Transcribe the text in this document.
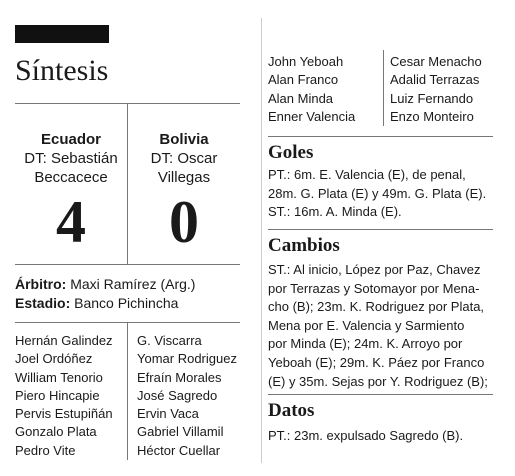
Síntesis
Ecuador
DT: Sebastián
Beccacece
Bolivia
DT: Oscar
Villegas
4	0
Árbitro: Maxi Ramírez (Arg.)
Estadio: Banco Pichincha
Hernán Galindez
Joel Ordóñez
William Tenorio
Piero Hincapie
Pervis Estupiñán
Gonzalo Plata
Pedro Vite
G. Viscarra
Yomar Rodriguez
Efraín Morales
José Sagredo
Ervin Vaca
Gabriel Villamil
Héctor Cuellar
John Yeboah
Alan Franco
Alan Minda
Enner Valencia
Cesar Menacho
Adalid Terrazas
Luiz Fernando
Enzo Monteiro
Goles
PT.: 6m. E. Valencia (E), de penal,
28m. G. Plata (E) y 49m. G. Plata (E).
ST.: 16m. A. Minda (E).
Cambios
ST.: Al inicio, López por Paz, Chavez
por Terrazas y Sotomayor por Mena-
cho (B); 23m. K. Rodriguez por Plata,
Mena por E. Valencia y Sarmiento
por Minda (E); 24m. K. Arroyo por
Yeboah (E); 29m. K. Páez por Franco
(E) y 35m. Sejas por Y. Rodriguez (B);
Datos
PT.: 23m. expulsado Sagredo (B).
